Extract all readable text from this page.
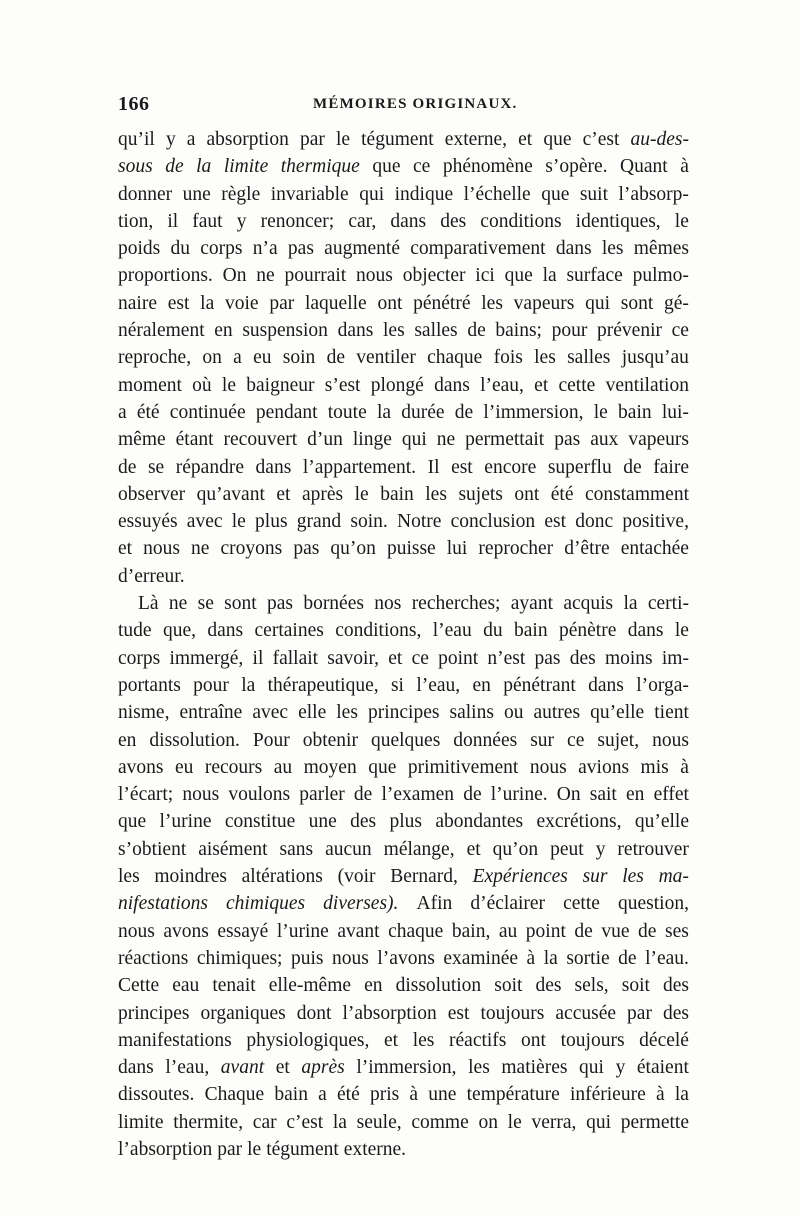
166	MÉMOIRES ORIGINAUX.
qu’il y a absorption par le tégument externe, et que c’est au-des-
sous de la limite thermique que ce phénomène s’opère. Quant à
donner une règle invariable qui indique l’échelle que suit l’absorp-
tion, il faut y renoncer; car, dans des conditions identiques, le
poids du corps n’a pas augmenté comparativement dans les mêmes
proportions. On ne pourrait nous objecter ici que la surface pulmo-
naire est la voie par laquelle ont pénétré les vapeurs qui sont gé-
néralement en suspension dans les salles de bains; pour prévenir ce
reproche, on a eu soin de ventiler chaque fois les salles jusqu’au
moment où le baigneur s’est plongé dans l’eau, et cette ventilation
a été continuée pendant toute la durée de l’immersion, le bain lui-
même étant recouvert d’un linge qui ne permettait pas aux vapeurs
de se répandre dans l’appartement. Il est encore superflu de faire
observer qu’avant et après le bain les sujets ont été constamment
essuyés avec le plus grand soin. Notre conclusion est donc positive,
et nous ne croyons pas qu’on puisse lui reprocher d’être entachée
d’erreur.
Là ne se sont pas bornées nos recherches; ayant acquis la certi-
tude que, dans certaines conditions, l’eau du bain pénètre dans le
corps immergé, il fallait savoir, et ce point n’est pas des moins im-
portants pour la thérapeutique, si l’eau, en pénétrant dans l’orga-
nisme, entraîne avec elle les principes salins ou autres qu’elle tient
en dissolution. Pour obtenir quelques données sur ce sujet, nous
avons eu recours au moyen que primitivement nous avions mis à
l’écart; nous voulons parler de l’examen de l’urine. On sait en effet
que l’urine constitue une des plus abondantes excrétions, qu’elle
s’obtient aisément sans aucun mélange, et qu’on peut y retrouver
les moindres altérations (voir Bernard, Expériences sur les ma-
nifestations chimiques diverses). Afin d’éclairer cette question,
nous avons essayé l’urine avant chaque bain, au point de vue de ses
réactions chimiques; puis nous l’avons examinée à la sortie de l’eau.
Cette eau tenait elle-même en dissolution soit des sels, soit des
principes organiques dont l’absorption est toujours accusée par des
manifestations physiologiques, et les réactifs ont toujours décelé
dans l’eau, avant et après l’immersion, les matières qui y étaient
dissoutes. Chaque bain a été pris à une température inférieure à la
limite thermite, car c’est la seule, comme on le verra, qui permette
l’absorption par le tégument externe.
